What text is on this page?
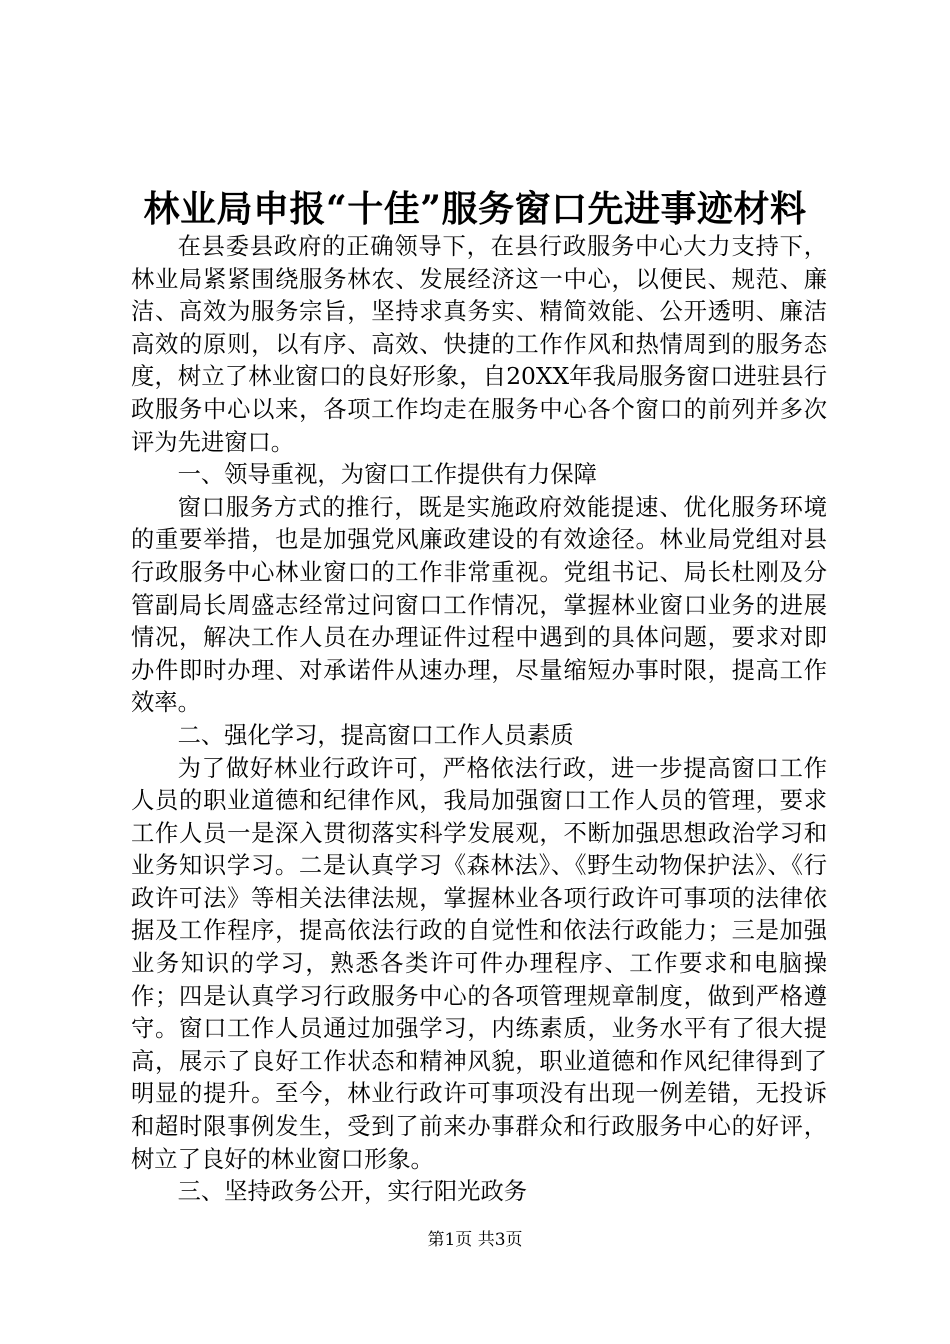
林业局申报“十佳”服务窗口先进事迹材料

在县委县政府的正确领导下，在县行政服务中心大力支持下，林业局紧紧围绕服务林农、发展经济这一中心，以便民、规范、廉洁、高效为服务宗旨，坚持求真务实、精简效能、公开透明、廉洁高效的原则，以有序、高效、快捷的工作作风和热情周到的服务态度，树立了林业窗口的良好形象，自20XX年我局服务窗口进驻县行政服务中心以来，各项工作均走在服务中心各个窗口的前列并多次评为先进窗口。

一、领导重视，为窗口工作提供有力保障

窗口服务方式的推行，既是实施政府效能提速、优化服务环境的重要举措，也是加强党风廉政建设的有效途径。林业局党组对县行政服务中心林业窗口的工作非常重视。党组书记、局长杜刚及分管副局长周盛志经常过问窗口工作情况，掌握林业窗口业务的进展情况，解决工作人员在办理证件过程中遇到的具体问题，要求对即办件即时办理、对承诺件从速办理，尽量缩短办事时限，提高工作效率。

二、强化学习，提高窗口工作人员素质

为了做好林业行政许可，严格依法行政，进一步提高窗口工作人员的职业道德和纪律作风，我局加强窗口工作人员的管理，要求工作人员一是深入贯彻落实科学发展观，不断加强思想政治学习和业务知识学习。二是认真学习《森林法》、《野生动物保护法》、《行政许可法》等相关法律法规，掌握林业各项行政许可事项的法律依据及工作程序，提高依法行政的自觉性和依法行政能力；三是加强业务知识的学习，熟悉各类许可件办理程序、工作要求和电脑操作；四是认真学习行政服务中心的各项管理规章制度，做到严格遵守。窗口工作人员通过加强学习，内练素质，业务水平有了很大提高，展示了良好工作状态和精神风貌，职业道德和作风纪律得到了明显的提升。至今，林业行政许可事项没有出现一例差错，无投诉和超时限事例发生，受到了前来办事群众和行政服务中心的好评，树立了良好的林业窗口形象。

三、坚持政务公开，实行阳光政务

第1页 共3页
